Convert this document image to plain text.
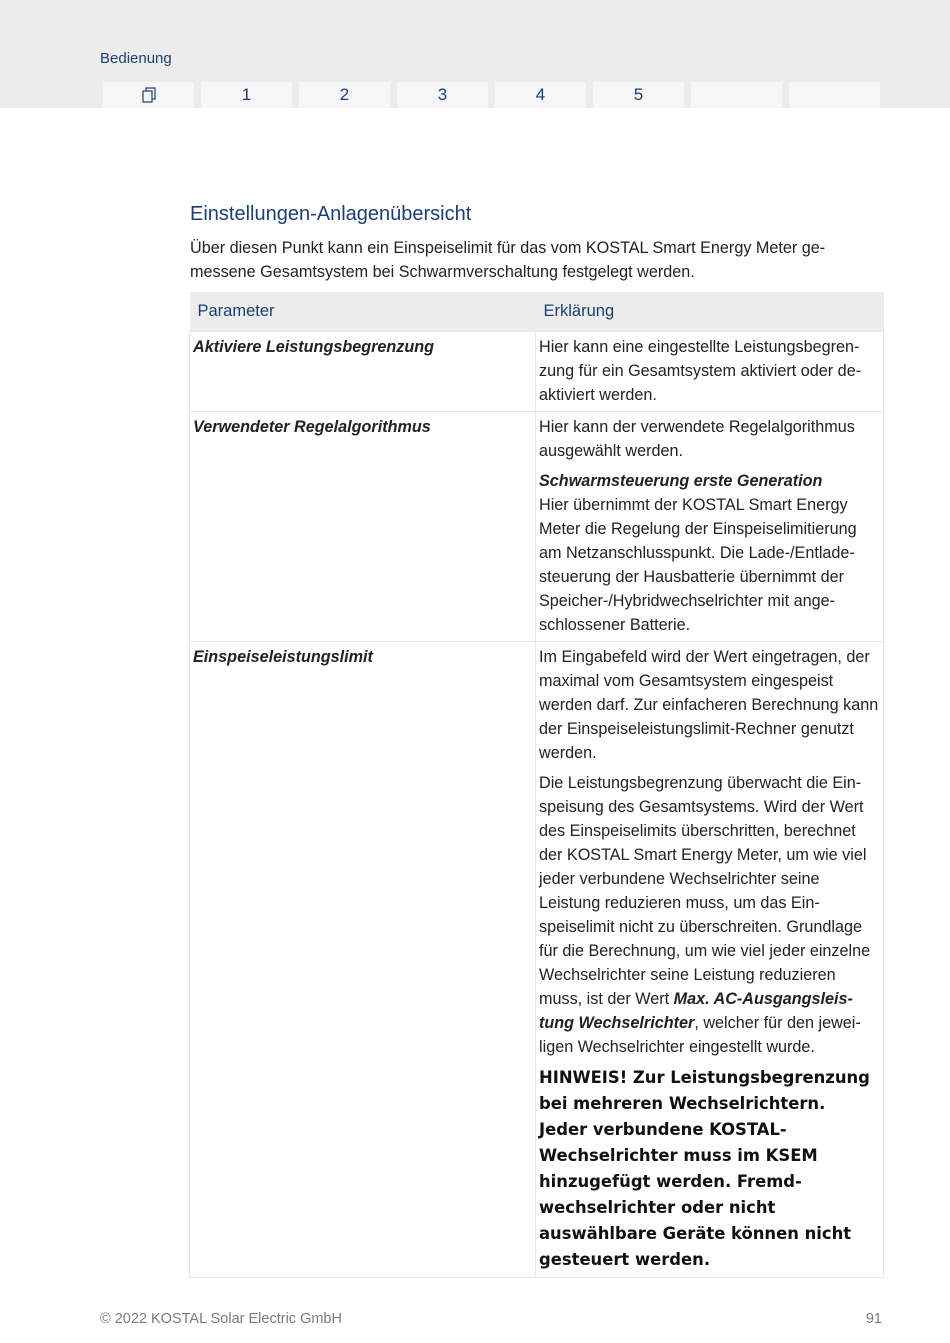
Bedienung
1	2	3	4	5
Einstellungen-Anlagenübersicht
Über diesen Punkt kann ein Einspeiselimit für das vom KOSTAL Smart Energy Meter gemessene Gesamtsystem bei Schwarmverschaltung festgelegt werden.
Parameter	Erklärung
Aktiviere Leistungsbegrenzung	Hier kann eine eingestellte Leistungsbegrenzung für ein Gesamtsystem aktiviert oder deaktiviert werden.

Verwendeter Regelalgorithmus	Hier kann der verwendete Regelalgorithmus ausgewählt werden.

Schwarmsteuerung erste Generation
Hier übernimmt der KOSTAL Smart Energy Meter die Regelung der Einspeiselimitierung am Netzanschlusspunkt. Die Lade-/Entladesteuerung der Hausbatterie übernimmt der Speicher-/Hybridwechselrichter mit angeschlossener Batterie.

Einspeiseleistungslimit	Im Eingabefeld wird der Wert eingetragen, der maximal vom Gesamtsystem eingespeist werden darf. Zur einfacheren Berechnung kann der Einspeiseleistungslimit-Rechner genutzt werden.

Die Leistungsbegrenzung überwacht die Einspeisung des Gesamtsystems. Wird der Wert des Einspeiselimits überschritten, berechnet der KOSTAL Smart Energy Meter, um wie viel jeder verbundene Wechselrichter seine Leistung reduzieren muss, um das Einspeiselimit nicht zu überschreiten. Grundlage für die Berechnung, um wie viel jeder einzelne Wechselrichter seine Leistung reduzieren muss, ist der Wert Max. AC-Ausgangsleistung Wechselrichter, welcher für den jeweiligen Wechselrichter eingestellt wurde.

HINWEIS! Zur Leistungsbegrenzung bei mehreren Wechselrichtern. Jeder verbundene KOSTAL-Wechselrichter muss im KSEM hinzugefügt werden. Fremdwechselrichter oder nicht auswählbare Geräte können nicht gesteuert werden.

© 2022 KOSTAL Solar Electric GmbH	91
